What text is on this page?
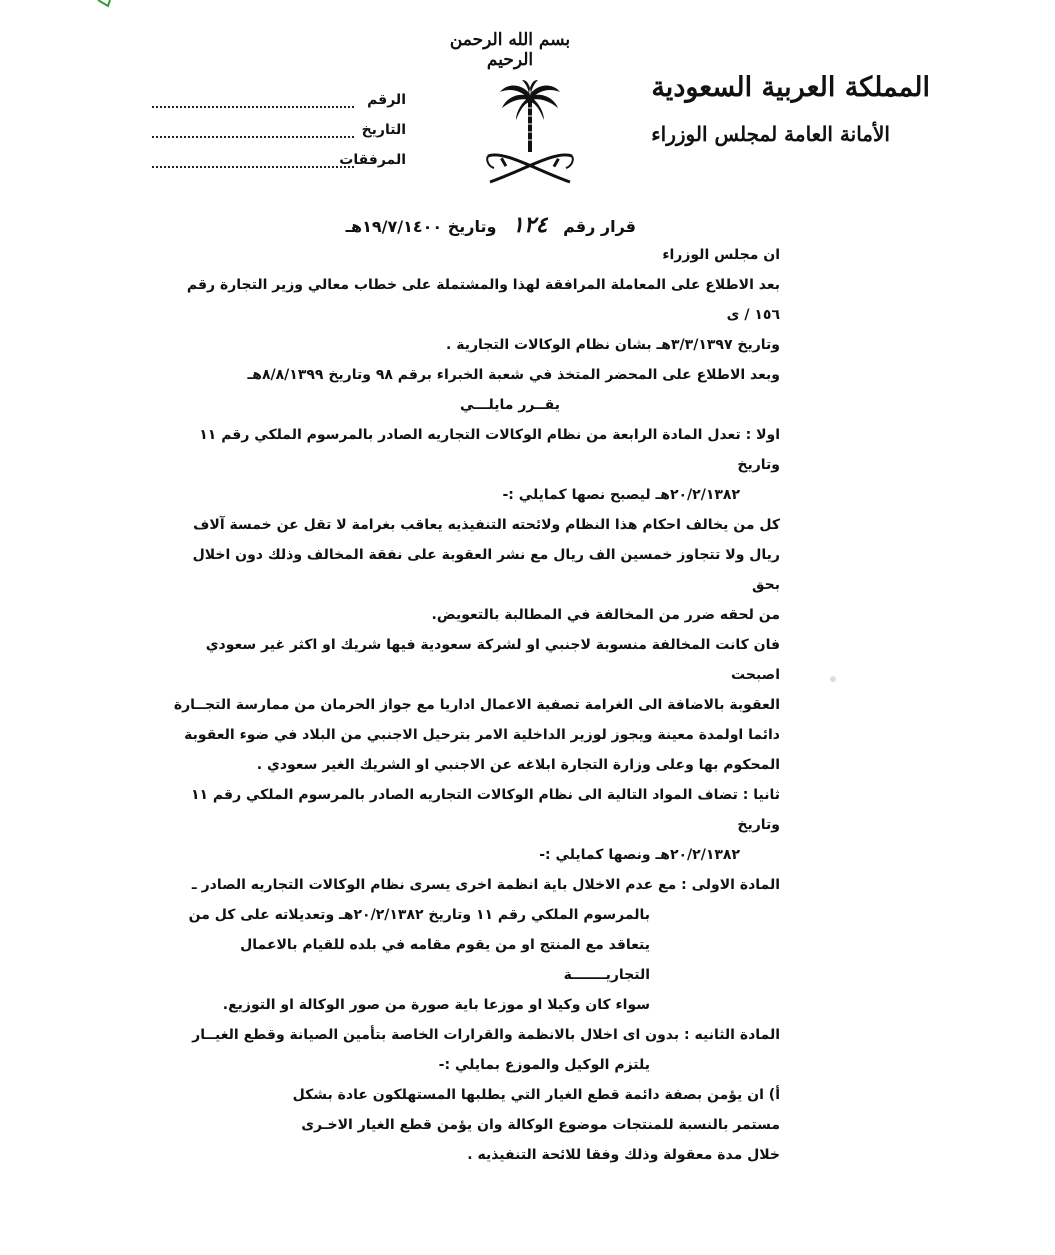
بسم الله الرحمن الرحيم
المملكة العربية السعودية
الأمانة العامة لمجلس الوزراء
الرقم
التاريخ
المرفقات
قرار رقم ١٢٤ وتاريخ ١٩/٧/١٤٠٠هـ
ان مجلس الوزراء
بعد الاطلاع على المعاملة المرافقة لهذا والمشتملة على خطاب معالي وزير التجارة رقم ١٥٦ / ى
وتاريخ ٣/٣/١٣٩٧هـ بشان نظام الوكالات التجارية .
وبعد الاطلاع على المحضر المتخذ في شعبة الخبراء برقم ٩٨ وتاريخ ٨/٨/١٣٩٩هـ
يقــرر مايلـــي
اولا : تعدل المادة الرابعة من نظام الوكالات التجاريه الصادر بالمرسوم الملكي رقم ١١ وتاريخ
٢٠/٢/١٣٨٢هـ ليصبح نصها كمايلي :-
كل من يخالف احكام هذا النظام ولائحته التنفيذيه يعاقب بغرامة لا تقل عن خمسة آلاف
ريال ولا تتجاوز خمسين الف ريال مع نشر العقوبة على نفقة المخالف وذلك دون اخلال بحق
من لحقه ضرر من المخالفة في المطالبة بالتعويض.
فان كانت المخالفة منسوبة لاجنبي او لشركة سعودية فيها شريك او اكثر غير سعودي اصبحت
العقوبة بالاضافة الى الغرامة تصفية الاعمال اداريا مع جواز الحرمان من ممارسة التجــارة
دائما اولمدة معينة ويجوز لوزير الداخلية الامر بترحيل الاجنبي من البلاد في ضوء العقوبة
المحكوم بها وعلى وزارة التجارة ابلاغه عن الاجنبي او الشريك الغير سعودي .
ثانيا : تضاف المواد التالية الى نظام الوكالات التجاريه الصادر بالمرسوم الملكي رقم ١١ وتاريخ
٢٠/٢/١٣٨٢هـ ونصها كمايلي :-
المادة الاولى : مع عدم الاخلال باية انظمة اخرى يسرى نظام الوكالات التجاريه الصادر ـ
بالمرسوم الملكي رقم ١١ وتاريخ ٢٠/٢/١٣٨٢هـ وتعديلاته على كل من
يتعاقد مع المنتج او من يقوم مقامه في بلده للقيام بالاعمال التجاريـــــــة
سواء كان وكيلا او موزعا باية صورة من صور الوكالة او التوزيع.
المادة الثانيه : بدون اى اخلال بالانظمة والقرارات الخاصة بتأمين الصيانة وقطع الغيــار
يلتزم الوكيل والموزع بمايلي :-
أ) ان يؤمن بصفة دائمة قطع الغيار التي يطلبها المستهلكون عادة بشكل
مستمر بالنسبة للمنتجات موضوع الوكالة وان يؤمن قطع الغيار الاخـرى
خلال مدة معقولة وذلك وفقا للائحة التنفيذيه .
